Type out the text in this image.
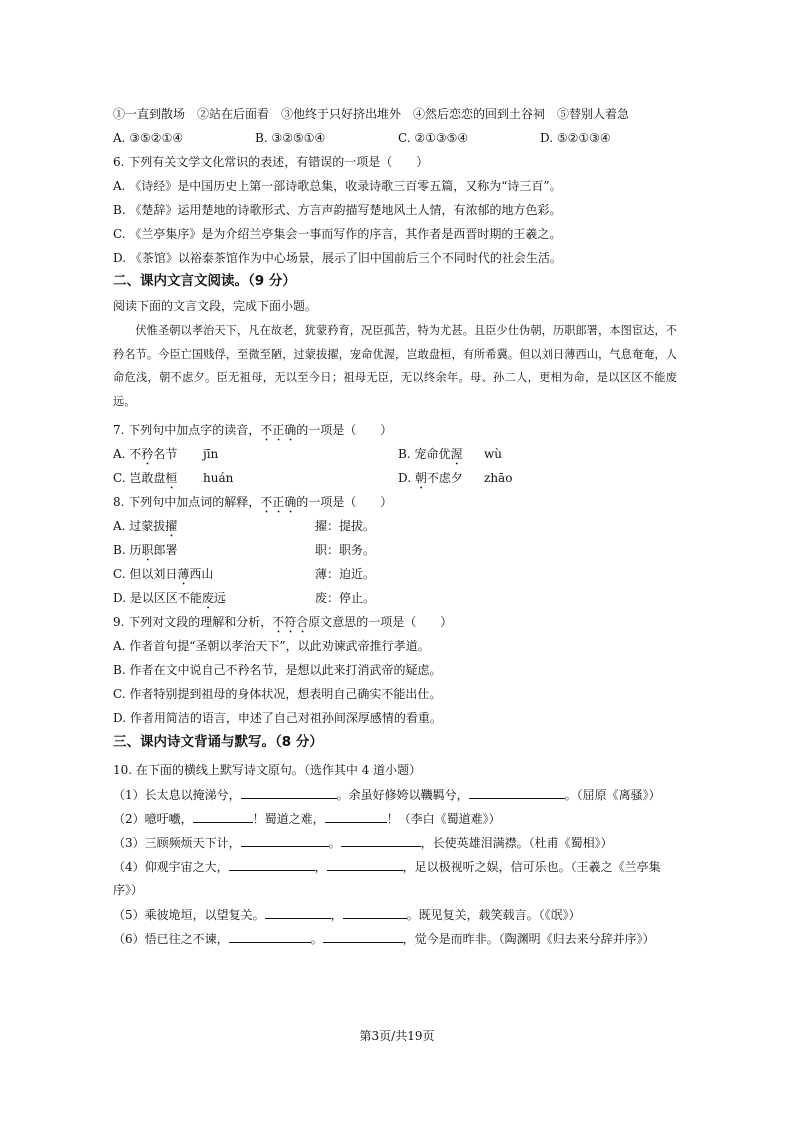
①一直到散场　②站在后面看　③他终于只好挤出堆外　④然后恋恋的回到土谷祠　⑤替别人着急
A. ③⑤②①④	B. ③②⑤①④	C. ②①③⑤④	D. ⑤②①③④
6. 下列有关文学文化常识的表述，有错误的一项是（　　）
A. 《诗经》是中国历史上第一部诗歌总集，收录诗歌三百零五篇，又称为“诗三百”。
B. 《楚辞》运用楚地的诗歌形式、方言声韵描写楚地风土人情，有浓郁的地方色彩。
C. 《兰亭集序》是为介绍兰亭集会一事而写作的序言，其作者是西晋时期的王羲之。
D. 《茶馆》以裕泰茶馆作为中心场景，展示了旧中国前后三个不同时代的社会生活。
二、课内文言文阅读。（9 分）
阅读下面的文言文段，完成下面小题。
伏惟圣朝以孝治天下，凡在故老，犹蒙矜育，况臣孤苦，特为尤甚。且臣少仕伪朝，历职郎署，本图宦达，不矜名节。今臣亡国贱俘，至微至陋，过蒙拔擢，宠命优渥，岂敢盘桓，有所希冀。但以刘日薄西山，气息奄奄，人命危浅，朝不虑夕。臣无祖母，无以至今日；祖母无臣，无以终余年。母、孙二人，更相为命，是以区区不能废远。
7. 下列句中加点字的读音，不正确的一项是（　　）
A. 不矜名节 jīn	B. 宠命优渥 wù
C. 岂敢盘桓 huán	D. 朝不虑夕 zhāo
8. 下列句中加点词的解释，不正确的一项是（　　）
A. 过蒙拔擢	擢：提拔。
B. 历职郎署	职：职务。
C. 但以刘日薄西山	薄：迫近。
D. 是以区区不能废远	废：停止。
9. 下列对文段的理解和分析，不符合原文意思的一项是（　　）
A. 作者首句提“圣朝以孝治天下”，以此劝谏武帝推行孝道。
B. 作者在文中说自己不矜名节，是想以此来打消武帝的疑虑。
C. 作者特别提到祖母的身体状况，想表明自己确实不能出仕。
D. 作者用简洁的语言，申述了自己对祖孙间深厚感情的看重。
三、课内诗文背诵与默写。（8 分）
10. 在下面的横线上默写诗文原句。（选作其中 4 道小题）
（1）长太息以掩涕兮，	。余虽好修姱以鞿羁兮，	。（屈原《离骚》）
（2）噫吁嚱，	！蜀道之难，	！（李白《蜀道难》）
（3）三顾频烦天下计，	。	，长使英雄泪满襟。（杜甫《蜀相》）
（4）仰观宇宙之大，	，	，足以极视听之娱，信可乐也。（王羲之《兰亭集
序》）
（5）乘彼垝垣，以望复关。	，	。既见复关，载笑载言。（《氓》）
（6）悟已往之不谏，	。	，觉今是而昨非。（陶渊明《归去来兮辞并序》）
第3页/共19页
